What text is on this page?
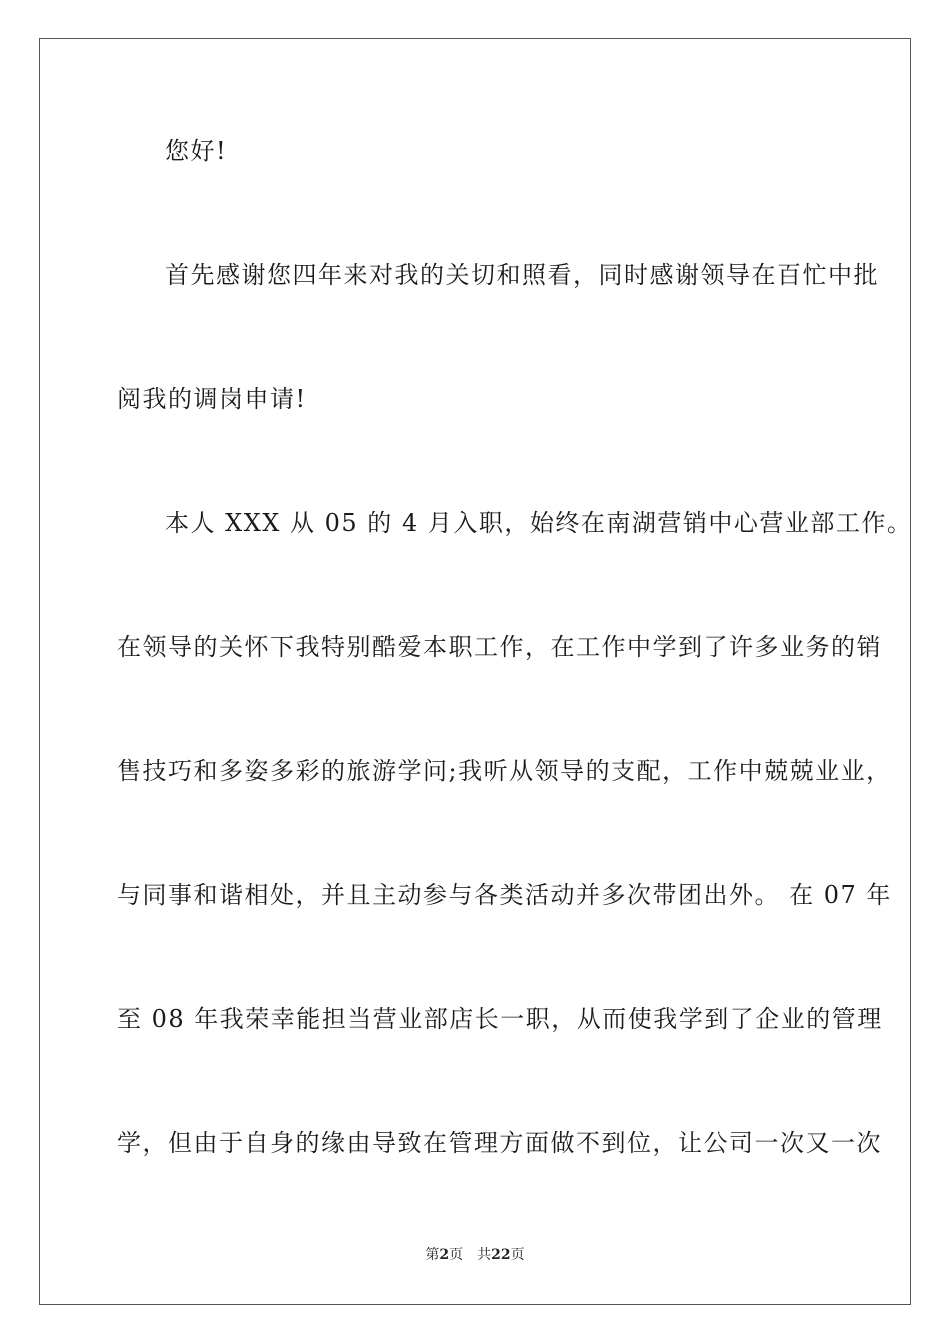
您好!
首先感谢您四年来对我的关切和照看，同时感谢领导在百忙中批
阅我的调岗申请!
本人 XXX 从 05 的 4 月入职，始终在南湖营销中心营业部工作。
在领导的关怀下我特别酷爱本职工作，在工作中学到了许多业务的销
售技巧和多姿多彩的旅游学问;我听从领导的支配，工作中兢兢业业，
与同事和谐相处，并且主动参与各类活动并多次带团出外。 在 07 年
至 08 年我荣幸能担当营业部店长一职，从而使我学到了企业的管理
学，但由于自身的缘由导致在管理方面做不到位，让公司一次又一次
第2页 共22页
